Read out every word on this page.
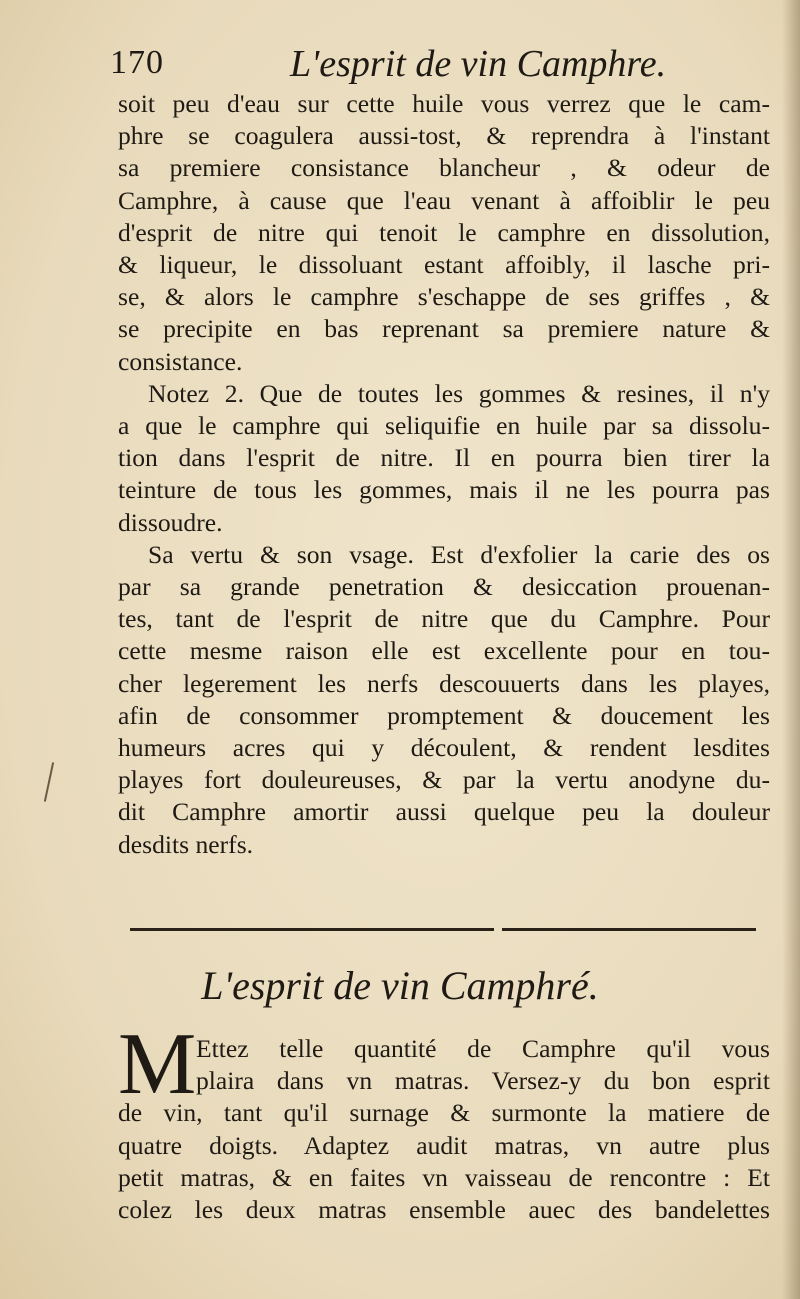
170	L'esprit de vin Camphre.
soit peu d'eau sur cette huile vous verrez que le cam-
phre se coagulera aussi-tost, & reprendra à l'instant
sa premiere consistance blancheur , & odeur de
Camphre, à cause que l'eau venant à affoiblir le peu
d'esprit de nitre qui tenoit le camphre en dissolution,
& liqueur, le dissoluant estant affoibly, il lasche pri-
se, & alors le camphre s'eschappe de ses griffes , &
se precipite en bas reprenant sa premiere nature &
consistance.
Notez 2. Que de toutes les gommes & resines, il n'y
a que le camphre qui seliquifie en huile par sa dissolu-
tion dans l'esprit de nitre. Il en pourra bien tirer la
teinture de tous les gommes, mais il ne les pourra pas
dissoudre.
Sa vertu & son vsage. Est d'exfolier la carie des os
par sa grande penetration & desiccation prouenan-
tes, tant de l'esprit de nitre que du Camphre. Pour
cette mesme raison elle est excellente pour en tou-
cher legerement les nerfs descouuerts dans les playes,
afin de consommer promptement & doucement les
humeurs acres qui y découlent, & rendent lesdites
playes fort douleureuses, & par la vertu anodyne du-
dit Camphre amortir aussi quelque peu la douleur
desdits nerfs.
L'esprit de vin Camphré.
M Ettez telle quantité de Camphre qu'il vous
plaira dans vn matras. Versez-y du bon esprit
de vin, tant qu'il surnage & surmonte la matiere de
quatre doigts. Adaptez audit matras, vn autre plus
petit matras, & en faites vn vaisseau de rencontre : Et
colez les deux matras ensemble auec des bandelettes
